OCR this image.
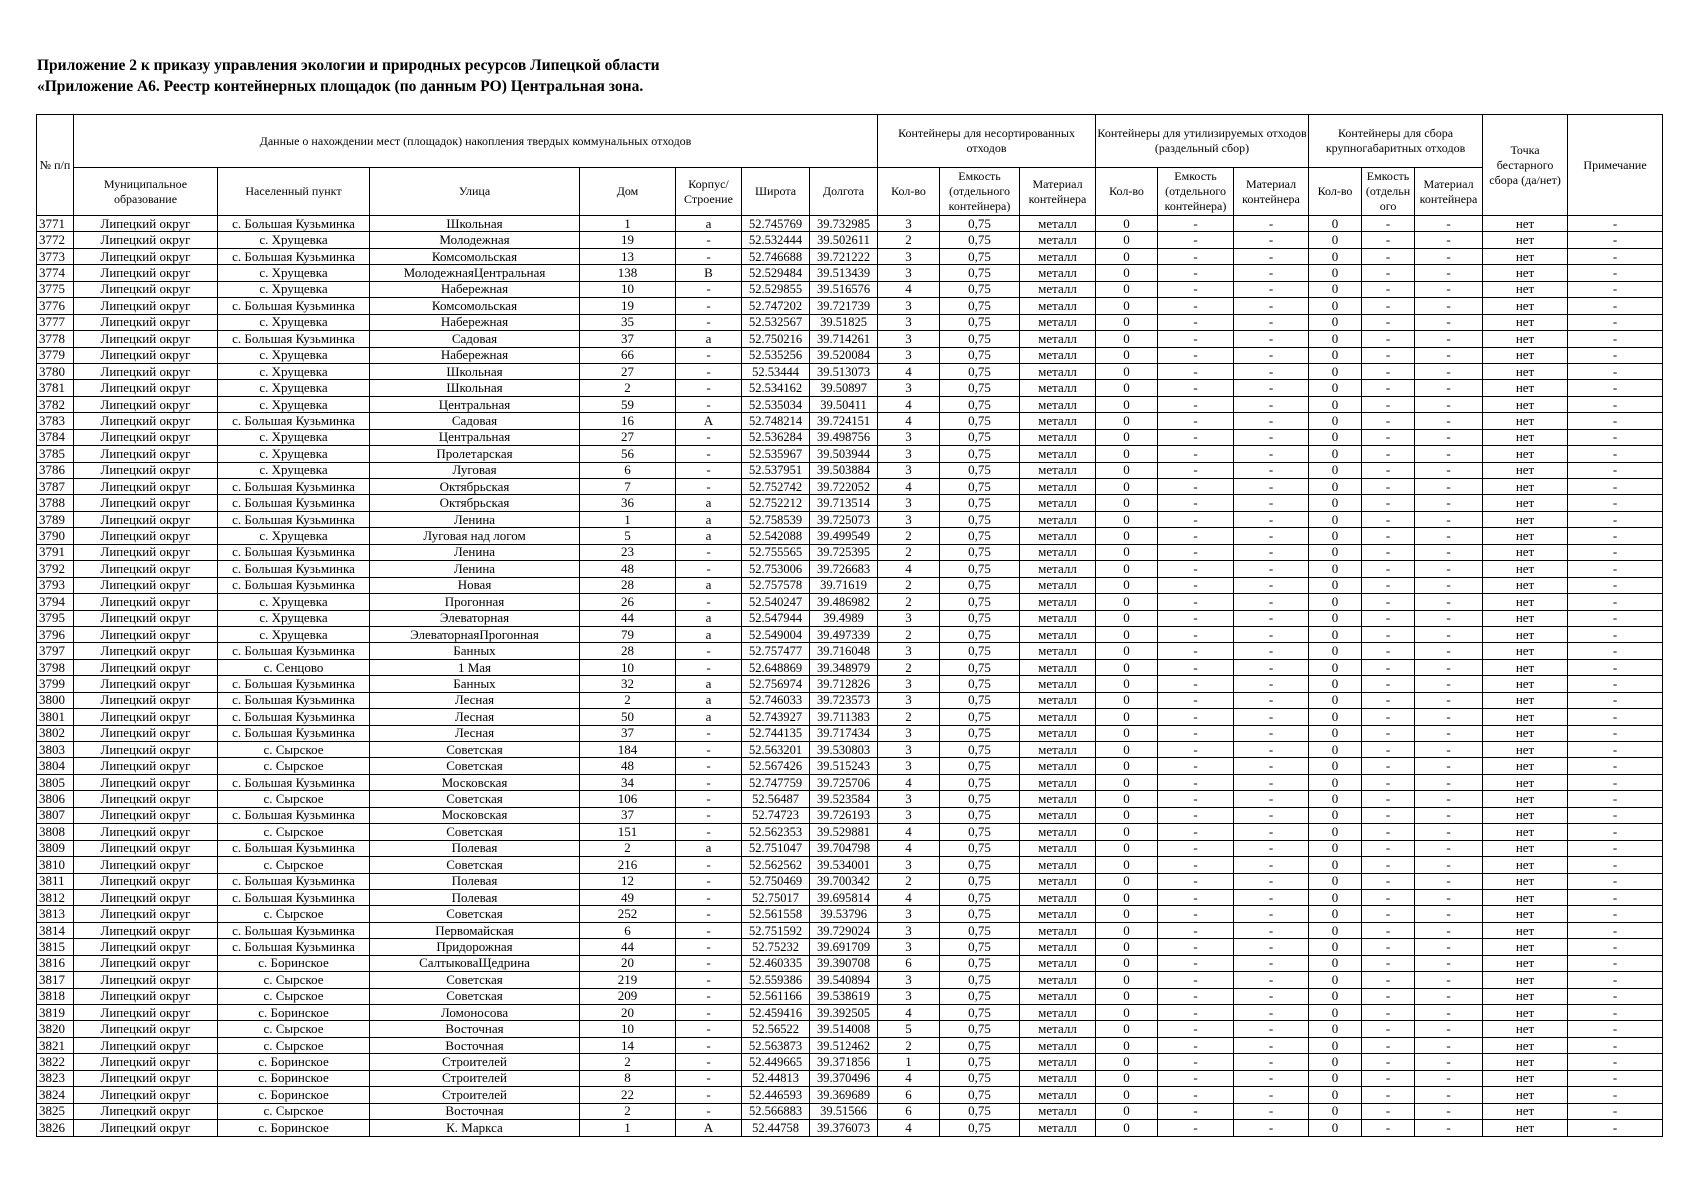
Приложение 2 к приказу управления экологии и природных ресурсов Липецкой области
«Приложение А6. Реестр контейнерных площадок (по данным РО) Центральная зона.
№ п/п	Данные о нахождении мест (площадок) накопления твердых коммунальных отходов							Контейнеры для несортированных отходов			Контейнеры для утилизируемых отходов (раздельный сбор)			Контейнеры для сбора крупногабаритных отходов			Точка бестарного сбора (да/нет)	Примечание
	Муниципальное образование	Населенный пункт	Улица	Дом	Корпус/ Строение	Широта	Долгота	Кол-во	Емкость (отдельного контейнера)	Материал контейнера	Кол-во	Емкость (отдельного контейнера)	Материал контейнера	Кол-во	Емкость (отдельн ого	Материал контейнера		
3771	Липецкий округ	с. Большая Кузьминка	Школьная	1	а	52.745769	39.732985	3	0,75	металл	0	-	-	0	-	-	нет	-
3772	Липецкий округ	с. Хрущевка	Молодежная	19	-	52.532444	39.502611	2	0,75	металл	0	-	-	0	-	-	нет	-
3773	Липецкий округ	с. Большая Кузьминка	Комсомольская	13	-	52.746688	39.721222	3	0,75	металл	0	-	-	0	-	-	нет	-
3774	Липецкий округ	с. Хрущевка	МолодежнаяЦентральная	138	В	52.529484	39.513439	3	0,75	металл	0	-	-	0	-	-	нет	-
3775	Липецкий округ	с. Хрущевка	Набережная	10	-	52.529855	39.516576	4	0,75	металл	0	-	-	0	-	-	нет	-
3776	Липецкий округ	с. Большая Кузьминка	Комсомольская	19	-	52.747202	39.721739	3	0,75	металл	0	-	-	0	-	-	нет	-
3777	Липецкий округ	с. Хрущевка	Набережная	35	-	52.532567	39.51825	3	0,75	металл	0	-	-	0	-	-	нет	-
3778	Липецкий округ	с. Большая Кузьминка	Садовая	37	а	52.750216	39.714261	3	0,75	металл	0	-	-	0	-	-	нет	-
3779	Липецкий округ	с. Хрущевка	Набережная	66	-	52.535256	39.520084	3	0,75	металл	0	-	-	0	-	-	нет	-
3780	Липецкий округ	с. Хрущевка	Школьная	27	-	52.53444	39.513073	4	0,75	металл	0	-	-	0	-	-	нет	-
3781	Липецкий округ	с. Хрущевка	Школьная	2	-	52.534162	39.50897	3	0,75	металл	0	-	-	0	-	-	нет	-
3782	Липецкий округ	с. Хрущевка	Центральная	59	-	52.535034	39.50411	4	0,75	металл	0	-	-	0	-	-	нет	-
3783	Липецкий округ	с. Большая Кузьминка	Садовая	16	А	52.748214	39.724151	4	0,75	металл	0	-	-	0	-	-	нет	-
3784	Липецкий округ	с. Хрущевка	Центральная	27	-	52.536284	39.498756	3	0,75	металл	0	-	-	0	-	-	нет	-
3785	Липецкий округ	с. Хрущевка	Пролетарская	56	-	52.535967	39.503944	3	0,75	металл	0	-	-	0	-	-	нет	-
3786	Липецкий округ	с. Хрущевка	Луговая	6	-	52.537951	39.503884	3	0,75	металл	0	-	-	0	-	-	нет	-
3787	Липецкий округ	с. Большая Кузьминка	Октябрьская	7	-	52.752742	39.722052	4	0,75	металл	0	-	-	0	-	-	нет	-
3788	Липецкий округ	с. Большая Кузьминка	Октябрьская	36	а	52.752212	39.713514	3	0,75	металл	0	-	-	0	-	-	нет	-
3789	Липецкий округ	с. Большая Кузьминка	Ленина	1	а	52.758539	39.725073	3	0,75	металл	0	-	-	0	-	-	нет	-
3790	Липецкий округ	с. Хрущевка	Луговая над логом	5	а	52.542088	39.499549	2	0,75	металл	0	-	-	0	-	-	нет	-
3791	Липецкий округ	с. Большая Кузьминка	Ленина	23	-	52.755565	39.725395	2	0,75	металл	0	-	-	0	-	-	нет	-
3792	Липецкий округ	с. Большая Кузьминка	Ленина	48	-	52.753006	39.726683	4	0,75	металл	0	-	-	0	-	-	нет	-
3793	Липецкий округ	с. Большая Кузьминка	Новая	28	а	52.757578	39.71619	2	0,75	металл	0	-	-	0	-	-	нет	-
3794	Липецкий округ	с. Хрущевка	Прогонная	26	-	52.540247	39.486982	2	0,75	металл	0	-	-	0	-	-	нет	-
3795	Липецкий округ	с. Хрущевка	Элеваторная	44	а	52.547944	39.4989	3	0,75	металл	0	-	-	0	-	-	нет	-
3796	Липецкий округ	с. Хрущевка	ЭлеваторнаяПрогонная	79	а	52.549004	39.497339	2	0,75	металл	0	-	-	0	-	-	нет	-
3797	Липецкий округ	с. Большая Кузьминка	Банных	28	-	52.757477	39.716048	3	0,75	металл	0	-	-	0	-	-	нет	-
3798	Липецкий округ	с. Сенцово	1 Мая	10	-	52.648869	39.348979	2	0,75	металл	0	-	-	0	-	-	нет	-
3799	Липецкий округ	с. Большая Кузьминка	Банных	32	а	52.756974	39.712826	3	0,75	металл	0	-	-	0	-	-	нет	-
3800	Липецкий округ	с. Большая Кузьминка	Лесная	2	а	52.746033	39.723573	3	0,75	металл	0	-	-	0	-	-	нет	-
3801	Липецкий округ	с. Большая Кузьминка	Лесная	50	а	52.743927	39.711383	2	0,75	металл	0	-	-	0	-	-	нет	-
3802	Липецкий округ	с. Большая Кузьминка	Лесная	37	-	52.744135	39.717434	3	0,75	металл	0	-	-	0	-	-	нет	-
3803	Липецкий округ	с. Сырское	Советская	184	-	52.563201	39.530803	3	0,75	металл	0	-	-	0	-	-	нет	-
3804	Липецкий округ	с. Сырское	Советская	48	-	52.567426	39.515243	3	0,75	металл	0	-	-	0	-	-	нет	-
3805	Липецкий округ	с. Большая Кузьминка	Московская	34	-	52.747759	39.725706	4	0,75	металл	0	-	-	0	-	-	нет	-
3806	Липецкий округ	с. Сырское	Советская	106	-	52.56487	39.523584	3	0,75	металл	0	-	-	0	-	-	нет	-
3807	Липецкий округ	с. Большая Кузьминка	Московская	37	-	52.74723	39.726193	3	0,75	металл	0	-	-	0	-	-	нет	-
3808	Липецкий округ	с. Сырское	Советская	151	-	52.562353	39.529881	4	0,75	металл	0	-	-	0	-	-	нет	-
3809	Липецкий округ	с. Большая Кузьминка	Полевая	2	а	52.751047	39.704798	4	0,75	металл	0	-	-	0	-	-	нет	-
3810	Липецкий округ	с. Сырское	Советская	216	-	52.562562	39.534001	3	0,75	металл	0	-	-	0	-	-	нет	-
3811	Липецкий округ	с. Большая Кузьминка	Полевая	12	-	52.750469	39.700342	2	0,75	металл	0	-	-	0	-	-	нет	-
3812	Липецкий округ	с. Большая Кузьминка	Полевая	49	-	52.75017	39.695814	4	0,75	металл	0	-	-	0	-	-	нет	-
3813	Липецкий округ	с. Сырское	Советская	252	-	52.561558	39.53796	3	0,75	металл	0	-	-	0	-	-	нет	-
3814	Липецкий округ	с. Большая Кузьминка	Первомайская	6	-	52.751592	39.729024	3	0,75	металл	0	-	-	0	-	-	нет	-
3815	Липецкий округ	с. Большая Кузьминка	Придорожная	44	-	52.75232	39.691709	3	0,75	металл	0	-	-	0	-	-	нет	-
3816	Липецкий округ	с. Боринское	СалтыковаЩедрина	20	-	52.460335	39.390708	6	0,75	металл	0	-	-	0	-	-	нет	-
3817	Липецкий округ	с. Сырское	Советская	219	-	52.559386	39.540894	3	0,75	металл	0	-	-	0	-	-	нет	-
3818	Липецкий округ	с. Сырское	Советская	209	-	52.561166	39.538619	3	0,75	металл	0	-	-	0	-	-	нет	-
3819	Липецкий округ	с. Боринское	Ломоносова	20	-	52.459416	39.392505	4	0,75	металл	0	-	-	0	-	-	нет	-
3820	Липецкий округ	с. Сырское	Восточная	10	-	52.56522	39.514008	5	0,75	металл	0	-	-	0	-	-	нет	-
3821	Липецкий округ	с. Сырское	Восточная	14	-	52.563873	39.512462	2	0,75	металл	0	-	-	0	-	-	нет	-
3822	Липецкий округ	с. Боринское	Строителей	2	-	52.449665	39.371856	1	0,75	металл	0	-	-	0	-	-	нет	-
3823	Липецкий округ	с. Боринское	Строителей	8	-	52.44813	39.370496	4	0,75	металл	0	-	-	0	-	-	нет	-
3824	Липецкий округ	с. Боринское	Строителей	22	-	52.446593	39.369689	6	0,75	металл	0	-	-	0	-	-	нет	-
3825	Липецкий округ	с. Сырское	Восточная	2	-	52.566883	39.51566	6	0,75	металл	0	-	-	0	-	-	нет	-
3826	Липецкий округ	с. Боринское	К. Маркса	1	А	52.44758	39.376073	4	0,75	металл	0	-	-	0	-	-	нет	-
